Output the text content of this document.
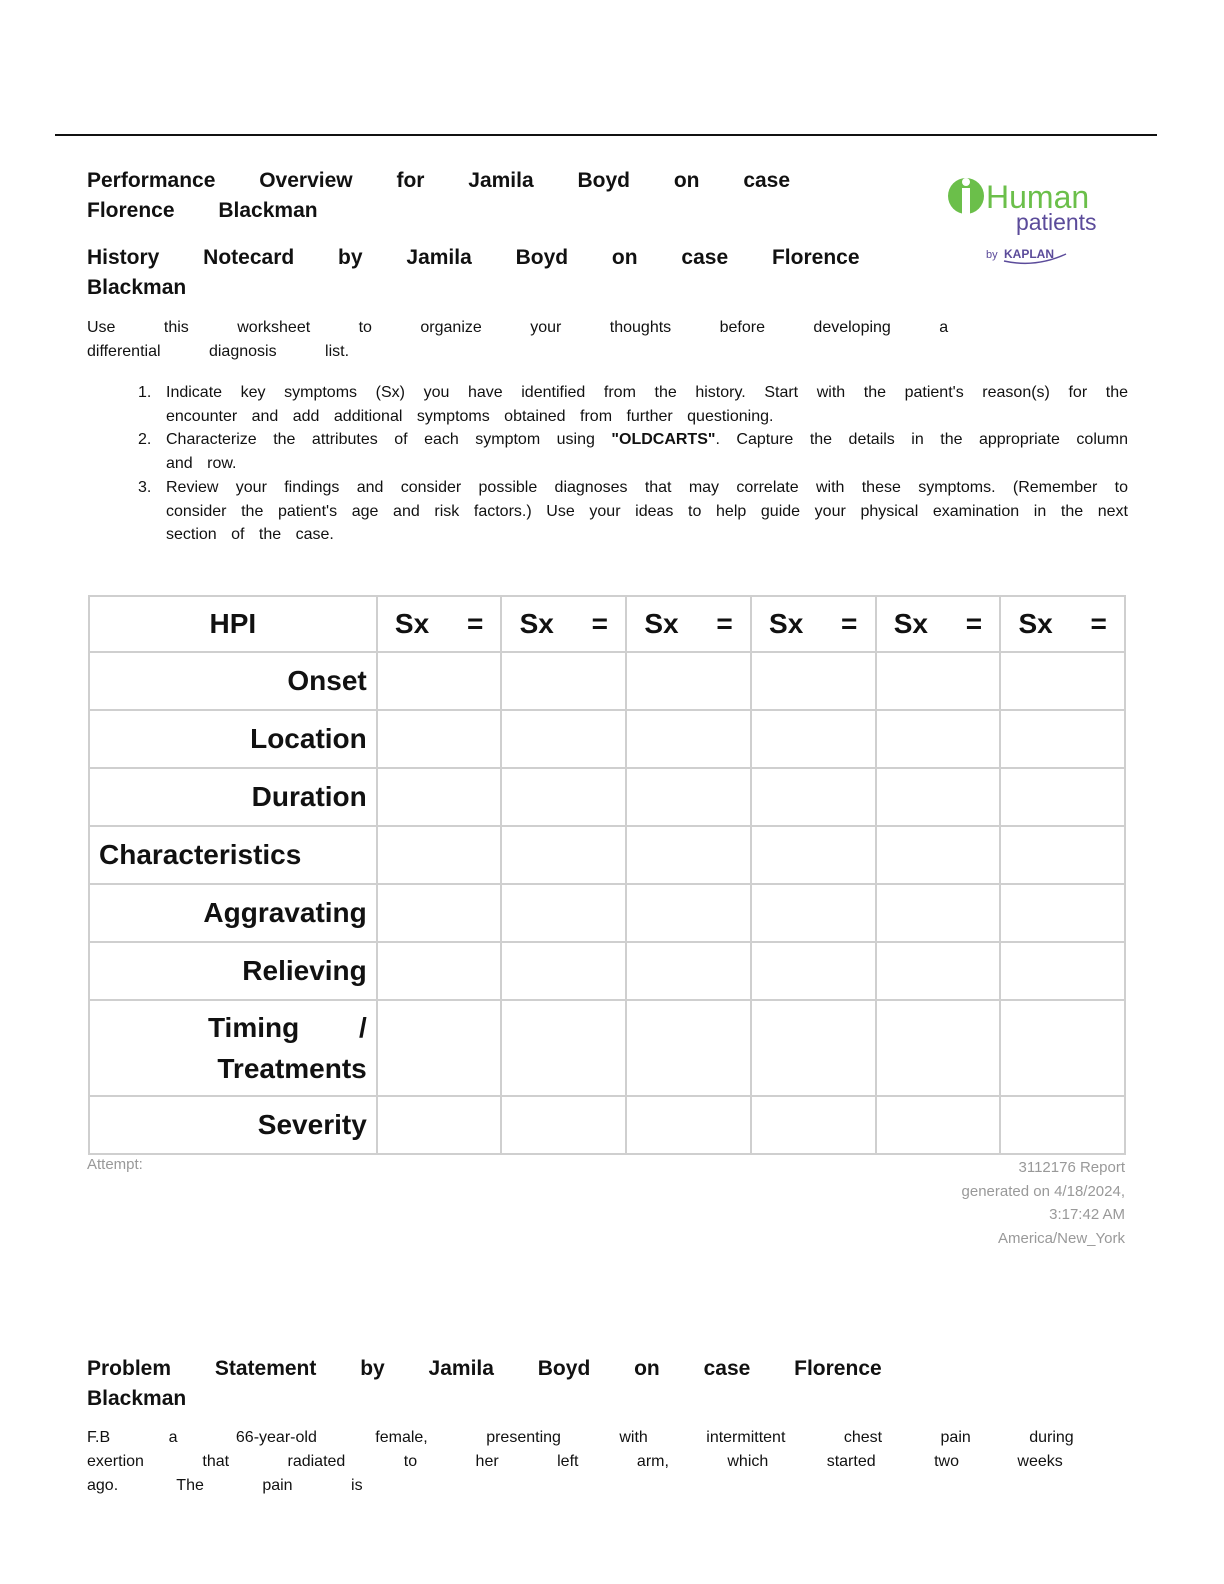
Performance Overview for Jamila Boyd on case Florence Blackman
History Notecard by Jamila Boyd on case Florence Blackman
Human
patients
by KAPLAN
Use this worksheet to organize your thoughts before developing a differential diagnosis list.
1. Indicate key symptoms (Sx) you have identified from the history. Start with the patient's reason(s) for the encounter and add additional symptoms obtained from further questioning.
2. Characterize the attributes of each symptom using "OLDCARTS". Capture the details in the appropriate column and row.
3. Review your findings and consider possible diagnoses that may correlate with these symptoms. (Remember to consider the patient's age and risk factors.) Use your ideas to help guide your physical examination in the next section of the case.
HPI	Sx =	Sx =	Sx =	Sx =	Sx =	Sx =
Onset						
Location						
Duration						
Characteristics						
Aggravating						
Relieving						

Timing /
Treatments						

Severity						
Attempt:	3112176 Report generated on 4/18/2024, 3:17:42 AM America/New_York
Problem Statement by Jamila Boyd on case Florence Blackman
F.B a 66-year-old female, presenting with intermittent chest pain during exertion that radiated to her left arm, which started two weeks ago. The pain is
